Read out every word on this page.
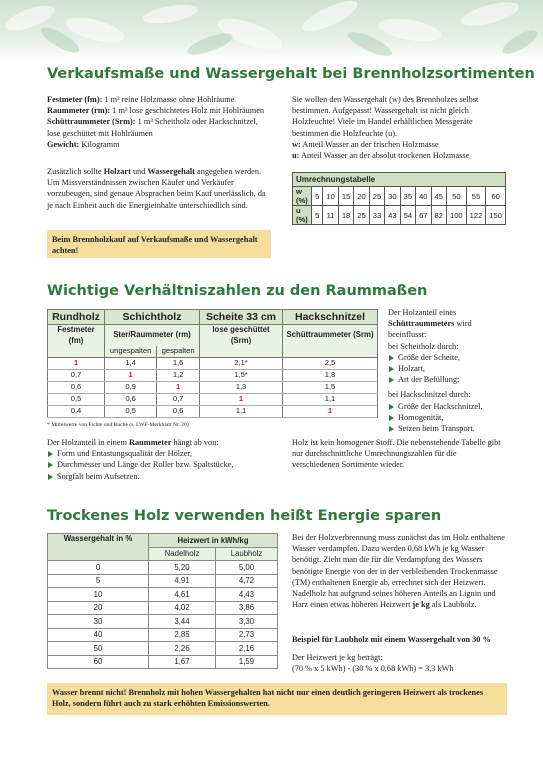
Verkaufsmaße und Wassergehalt bei Brennholzsortimenten
Festmeter (fm): 1 m³ reine Holzmasse ohne Hohlräume
Raummeter (rm): 1 m³ lose geschichtetes Holz mit Hohlräumen
Schüttraummeter (Srm): 1 m³ Scheitholz oder Hackschnitzel, lose geschüttet mit Hohlräumen
Gewicht: Kilogramm
Zusätzlich sollte Holzart und Wassergehalt angegeben werden. Um Missverständnissen zwischen Käufer und Verkäufer vorzubeugen, sind genaue Absprachen beim Kauf unerlässlich, da je nach Einheit auch die Energieinhalte unterschiedlich sind.
Beim Brennholzkauf auf Verkaufsmaße und Wassergehalt achten!
Sie wollen den Wassergehalt (w) des Brennholzes selbst bestimmen. Aufgepasst! Wassergehalt ist nicht gleich Holzfeuchte! Viele im Handel erhältlichen Messgeräte bestimmen die Holzfeuchte (u).
w: Anteil Wasser an der frischen Holzmasse
u: Anteil Wasser an der absolut trockenen Holzmasse
Umrechnungstabelle												
w (%)	5	10	15	20	25	30	35	40	45	50	55	60
u (%)	5	11	18	25	33	43	54	67	82	100	122	150
Wichtige Verhältniszahlen zu den Raummaßen
Rundholz	Schichtholz		Scheite 33 cm	Hackschnitzel
Festmeter (fm)	Ster/Raummeter (rm)		lose geschüttet (Srm)	Schüttraummeter (Srm)
	ungespalten	gespalten		
1	1,4	1,6	2,1*	2,5
0,7	1	1,2	1,5*	1,8
0,6	0,9	1	1,3	1,5
0,5	0,6	0,7	1	1,1
0,4	0,5	0,6	1,1	1
* Mittelwerte von Fichte und Buche (s. LWF-Merkblatt Nr. 20)
Der Holzanteil eines Schüttraummeters wird beeinflusst:
bei Scheitholz durch:
Größe der Scheite,
Holzart,
Art der Befüllung;
bei Hackschnitzel durch:
Größe der Hackschnitzel,
Homogenität,
Setzen beim Transport.
Der Holzanteil in einem Raummeter hängt ab von:
Form und Entastungsqualität der Hölzer,
Durchmesser und Länge der Roller bzw. Spaltstücke,
Sorgfalt beim Aufsetzen.
Holz ist kein homogener Stoff. Die nebenstehende Tabelle gibt nur durchschnittliche Umrechnungszahlen für die verschiedenen Sortimente wieder.
Trockenes Holz verwenden heißt Energie sparen
Wassergehalt in %	Heizwert in kWh/kg	
	Nadelholz	Laubholz
0	5,20	5,00
5	4,91	4,72
10	4,61	4,43
20	4,02	3,86
30	3,44	3,30
40	2,85	2,73
50	2,26	2,16
60	1,67	1,59
Bei der Holzverbrennung muss zunächst das im Holz enthaltene Wasser verdampfen. Dazu werden 0,68 kWh je kg Wasser benötigt. Zieht man die für die Verdampfung des Wassers benötigte Energie von der in der verbleibenden Trockenmasse (TM) enthaltenen Energie ab, errechnet sich der Heizwert. Nadelholz hat aufgrund seines höheren Anteils an Lignin und Harz einen etwas höheren Heizwert je kg als Laubholz.
Beispiel für Laubholz mit einem Wassergehalt von 30 %
Der Heizwert je kg beträgt:
(70 % x 5 kWh) - (30 % x 0,68 kWh) = 3,3 kWh
Wasser brennt nicht! Brennholz mit hohen Wassergehalten hat nicht nur einen deutlich geringeren Heizwert als trockenes Holz, sondern führt auch zu stark erhöhten Emissionswerten.
